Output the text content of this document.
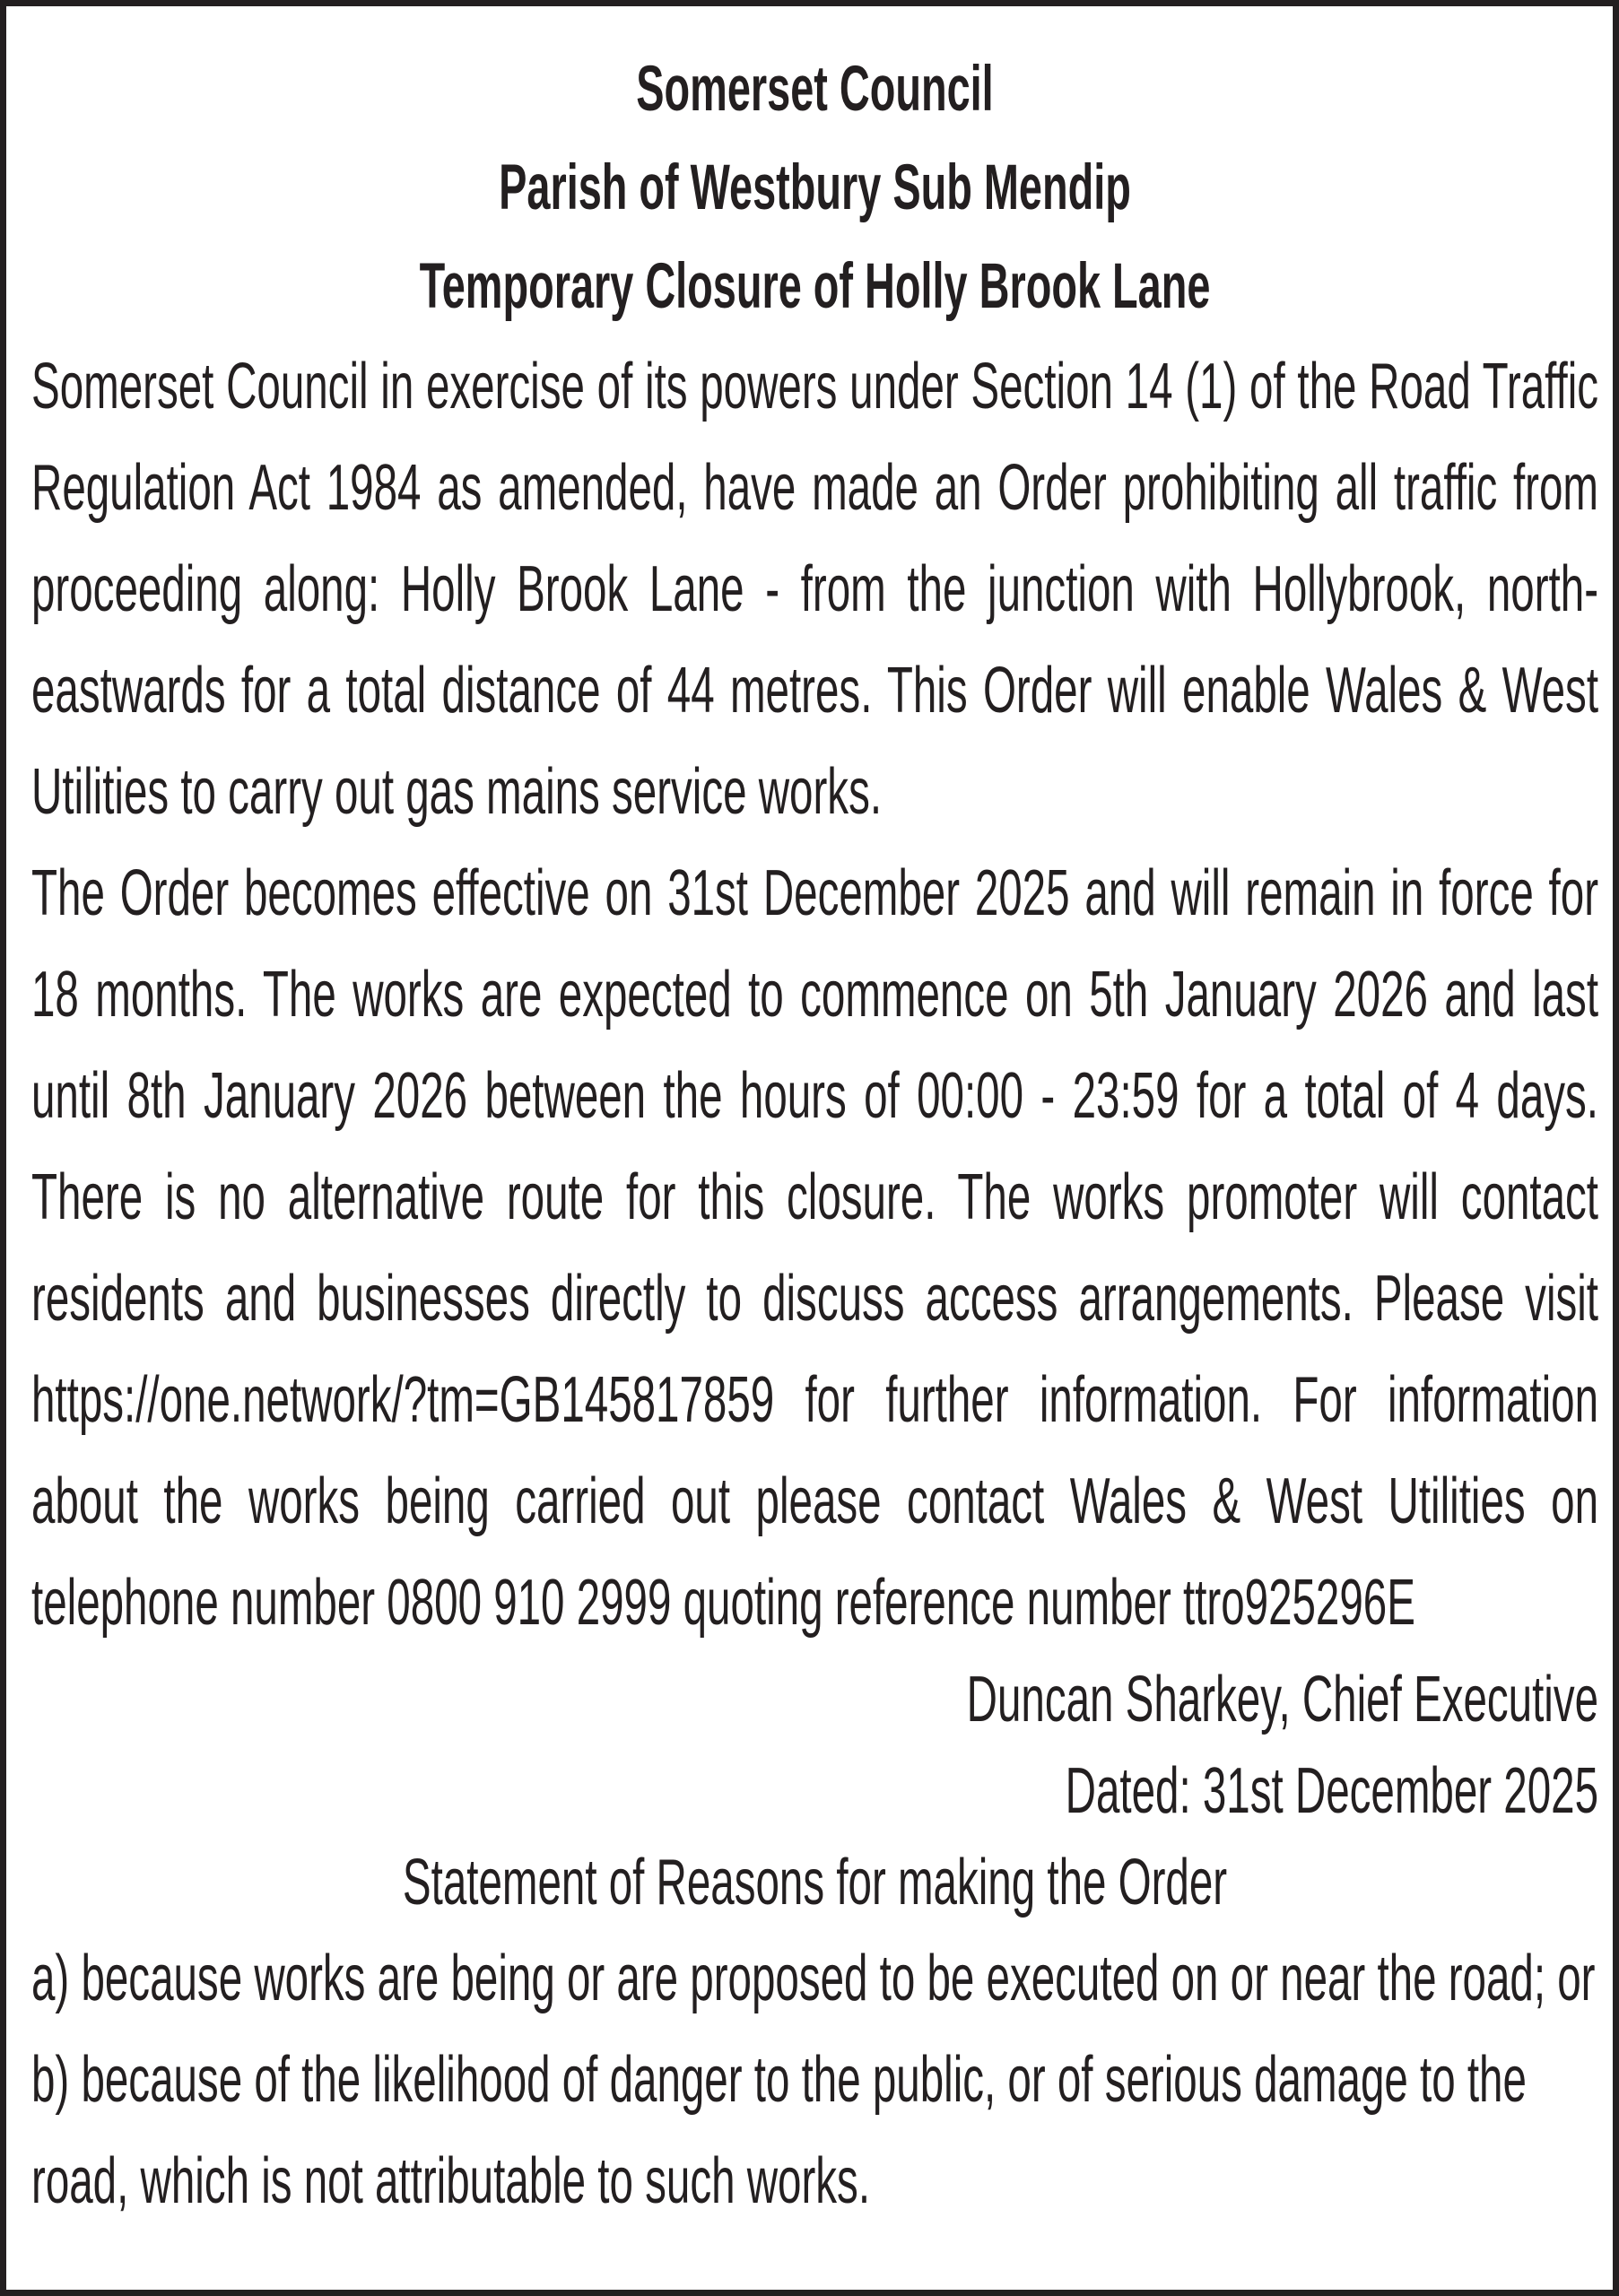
Somerset Council

Parish of Westbury Sub Mendip

Temporary Closure of Holly Brook Lane

Somerset Council in exercise of its powers under Section 14 (1) of the Road Traffic Regulation Act 1984 as amended, have made an Order prohibiting all traffic from proceeding along: Holly Brook Lane - from the junction with Hollybrook, north-eastwards for a total distance of 44 metres. This Order will enable Wales & West Utilities to carry out gas mains service works.

The Order becomes effective on 31st December 2025 and will remain in force for 18 months. The works are expected to commence on 5th January 2026 and last until 8th January 2026 between the hours of 00:00 - 23:59 for a total of 4 days. There is no alternative route for this closure. The works promoter will contact residents and businesses directly to discuss access arrangements. Please visit https://one.network/?tm=GB145817859 for further information. For information about the works being carried out please contact Wales & West Utilities on telephone number 0800 910 2999 quoting reference number ttro925296E

Duncan Sharkey, Chief Executive

Dated: 31st December 2025

Statement of Reasons for making the Order

a) because works are being or are proposed to be executed on or near the road; or

b) because of the likelihood of danger to the public, or of serious damage to the road, which is not attributable to such works.
